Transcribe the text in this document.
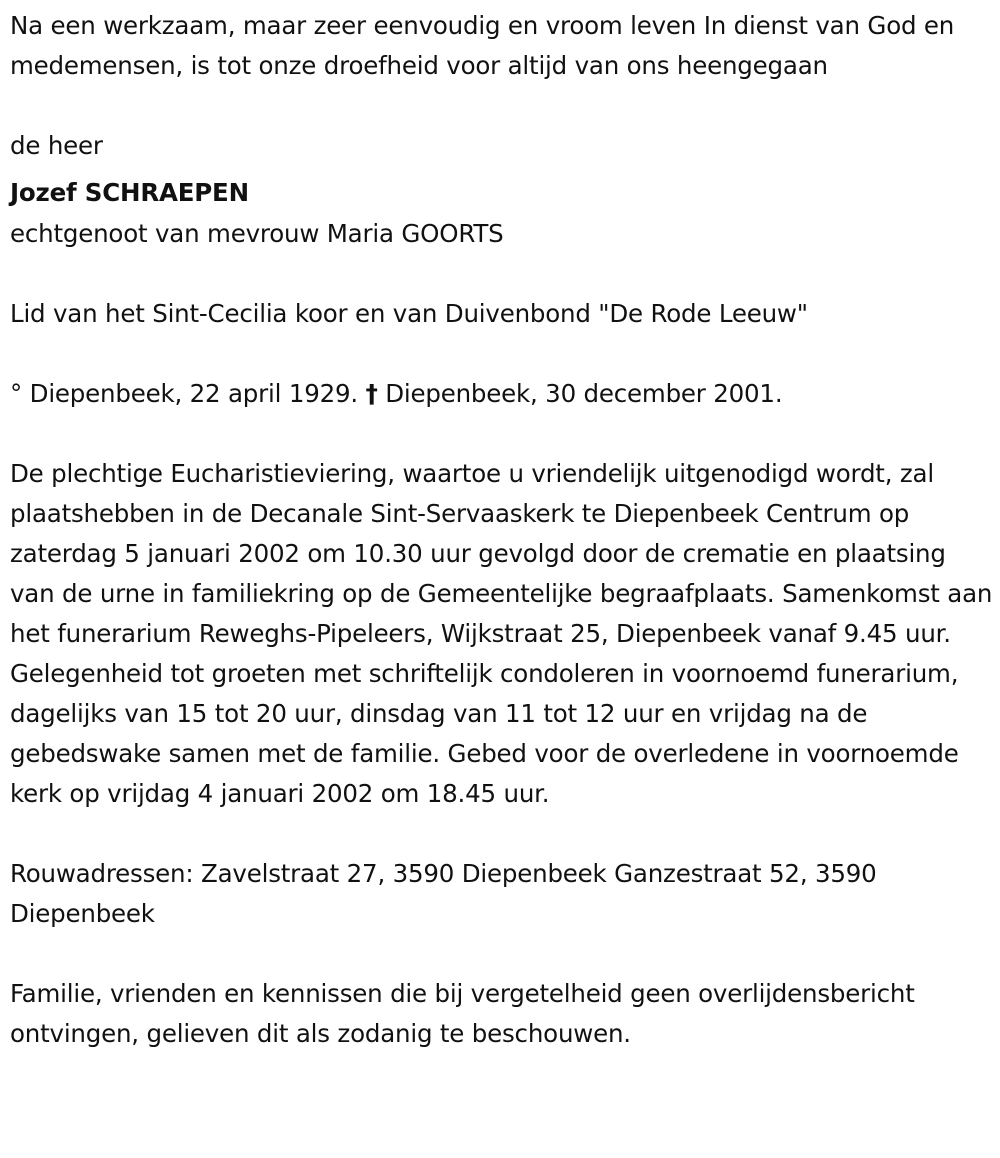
Na een werkzaam, maar zeer eenvoudig en vroom leven In dienst van God en medemensen, is tot onze droefheid voor altijd van ons heengegaan

de heer

Jozef SCHRAEPEN

echtgenoot van mevrouw Maria GOORTS

Lid van het Sint-Cecilia koor en van Duivenbond "De Rode Leeuw"

° Diepenbeek, 22 april 1929. † Diepenbeek, 30 december 2001.

De plechtige Eucharistieviering, waartoe u vriendelijk uitgenodigd wordt, zal plaatshebben in de Decanale Sint-Servaaskerk te Diepenbeek Centrum op zaterdag 5 januari 2002 om 10.30 uur gevolgd door de crematie en plaatsing van de urne in familiekring op de Gemeentelijke begraafplaats. Samenkomst aan het funerarium Reweghs-Pipeleers, Wijkstraat 25, Diepenbeek vanaf 9.45 uur. Gelegenheid tot groeten met schriftelijk condoleren in voornoemd funerarium, dagelijks van 15 tot 20 uur, dinsdag van 11 tot 12 uur en vrijdag na de gebedswake samen met de familie. Gebed voor de overledene in voornoemde kerk op vrijdag 4 januari 2002 om 18.45 uur.

Rouwadressen: Zavelstraat 27, 3590 Diepenbeek Ganzestraat 52, 3590 Diepenbeek

Familie, vrienden en kennissen die bij vergetelheid geen overlijdensbericht ontvingen, gelieven dit als zodanig te beschouwen.
